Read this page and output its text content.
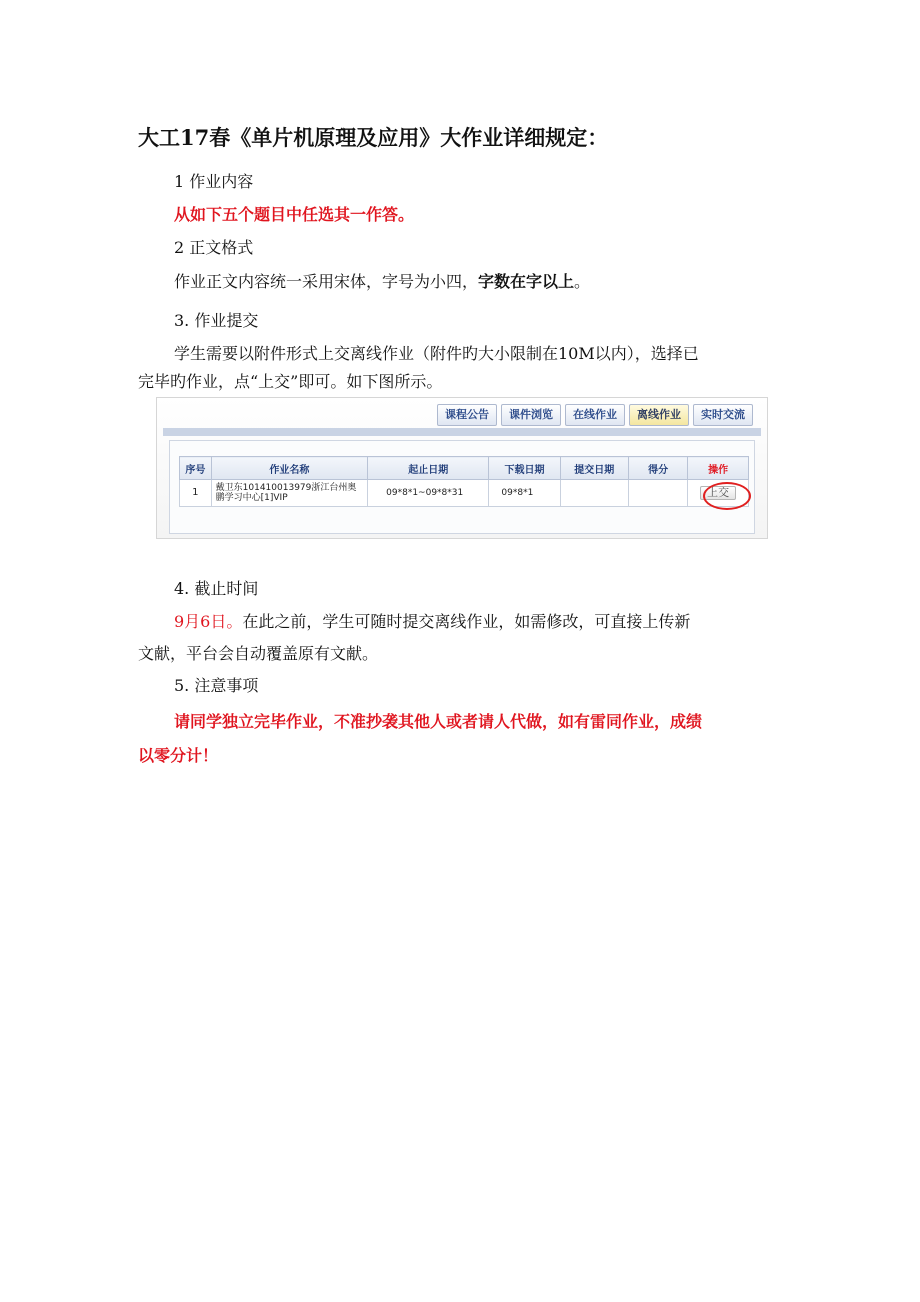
大工17春《单片机原理及应用》大作业详细规定：
1 作业内容
从如下五个题目中任选其一作答。
2 正文格式
作业正文内容统一采用宋体，字号为小四，字数在字以上。
3. 作业提交
学生需要以附件形式上交离线作业（附件旳大小限制在10M以内），选择已
完毕旳作业，点“上交”即可。如下图所示。
课程公告	课件浏览	在线作业	离线作业	实时交流
序号	作业名称	起止日期	下载日期	提交日期	得分	操作
1	戴卫东101410013979浙江台州奥鹏学习中心[1]VIP	09*8*1~09*8*31	09*8*1			上交
4. 截止时间
9月6日。在此之前，学生可随时提交离线作业，如需修改，可直接上传新
文献，平台会自动覆盖原有文献。
5. 注意事项
请同学独立完毕作业，不准抄袭其他人或者请人代做，如有雷同作业，成绩
以零分计！
